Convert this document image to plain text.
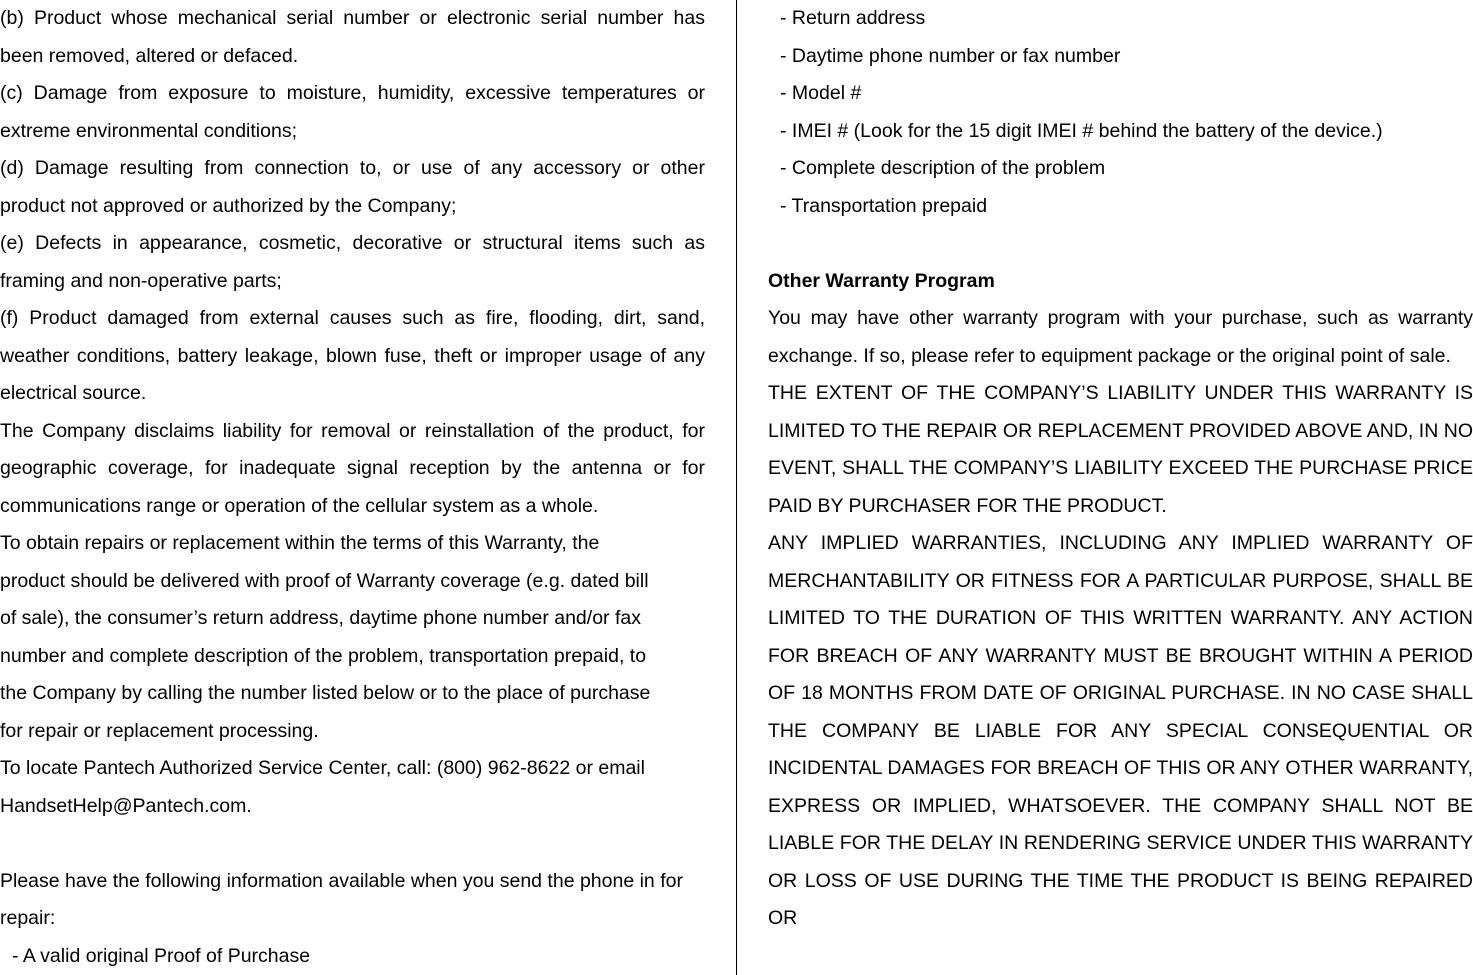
(b) Product whose mechanical serial number or electronic serial number has been removed, altered or defaced.

(c) Damage from exposure to moisture, humidity, excessive temperatures or extreme environmental conditions;

(d) Damage resulting from connection to, or use of any accessory or other product not approved or authorized by the Company;

(e) Defects in appearance, cosmetic, decorative or structural items such as framing and non-operative parts;

(f) Product damaged from external causes such as fire, flooding, dirt, sand, weather conditions, battery leakage, blown fuse, theft or improper usage of any electrical source.

The Company disclaims liability for removal or reinstallation of the product, for geographic coverage, for inadequate signal reception by the antenna or for communications range or operation of the cellular system as a whole.

To obtain repairs or replacement within the terms of this Warranty, the
product should be delivered with proof of Warranty coverage (e.g. dated bill
of sale), the consumer’s return address, daytime phone number and/or fax
number and complete description of the problem, transportation prepaid, to
the Company by calling the number listed below or to the place of purchase
for repair or replacement processing.
To locate Pantech Authorized Service Center, call: (800) 962-8622 or email
HandsetHelp@Pantech.com.

Please have the following information available when you send the phone in for repair:

- A valid original Proof of Purchase

- Return address
- Daytime phone number or fax number
- Model #
- IMEI # (Look for the 15 digit IMEI # behind the battery of the device.)
- Complete description of the problem
- Transportation prepaid

Other Warranty Program

You may have other warranty program with your purchase, such as warranty exchange. If so, please refer to equipment package or the original point of sale.

THE EXTENT OF THE COMPANY’S LIABILITY UNDER THIS WARRANTY IS LIMITED TO THE REPAIR OR REPLACEMENT PROVIDED ABOVE AND, IN NO EVENT, SHALL THE COMPANY’S LIABILITY EXCEED THE PURCHASE PRICE PAID BY PURCHASER FOR THE PRODUCT.

ANY IMPLIED WARRANTIES, INCLUDING ANY IMPLIED WARRANTY OF MERCHANTABILITY OR FITNESS FOR A PARTICULAR PURPOSE, SHALL BE LIMITED TO THE DURATION OF THIS WRITTEN WARRANTY. ANY ACTION FOR BREACH OF ANY WARRANTY MUST BE BROUGHT WITHIN A PERIOD OF 18 MONTHS FROM DATE OF ORIGINAL PURCHASE. IN NO CASE SHALL THE COMPANY BE LIABLE FOR ANY SPECIAL CONSEQUENTIAL OR INCIDENTAL DAMAGES FOR BREACH OF THIS OR ANY OTHER WARRANTY, EXPRESS OR IMPLIED, WHATSOEVER. THE COMPANY SHALL NOT BE LIABLE FOR THE DELAY IN RENDERING SERVICE UNDER THIS WARRANTY OR LOSS OF USE DURING THE TIME THE PRODUCT IS BEING REPAIRED OR
